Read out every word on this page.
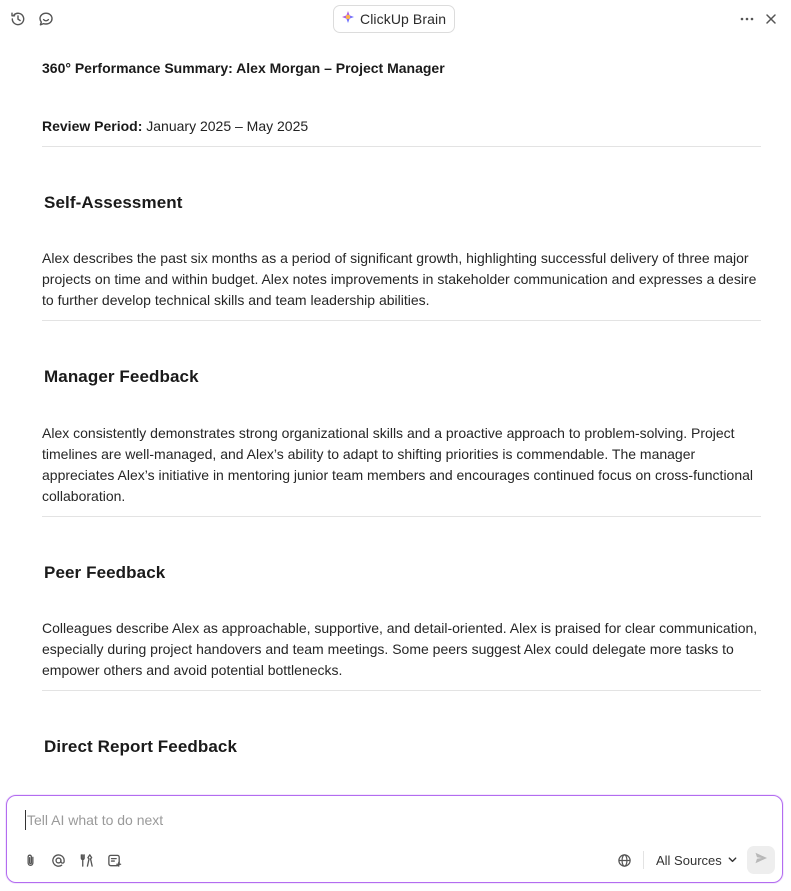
ClickUp Brain
360° Performance Summary: Alex Morgan – Project Manager
Review Period: January 2025 – May 2025
Self-Assessment

Alex describes the past six months as a period of significant growth, highlighting successful delivery of three major projects on time and within budget. Alex notes improvements in stakeholder communication and expresses a desire to further develop technical skills and team leadership abilities.

Manager Feedback

Alex consistently demonstrates strong organizational skills and a proactive approach to problem-solving. Project timelines are well-managed, and Alex’s ability to adapt to shifting priorities is commendable. The manager appreciates Alex’s initiative in mentoring junior team members and encourages continued focus on cross-functional collaboration.

Peer Feedback

Colleagues describe Alex as approachable, supportive, and detail-oriented. Alex is praised for clear communication, especially during project handovers and team meetings. Some peers suggest Alex could delegate more tasks to empower others and avoid potential bottlenecks.

Direct Report Feedback
Tell AI what to do next
All Sources
